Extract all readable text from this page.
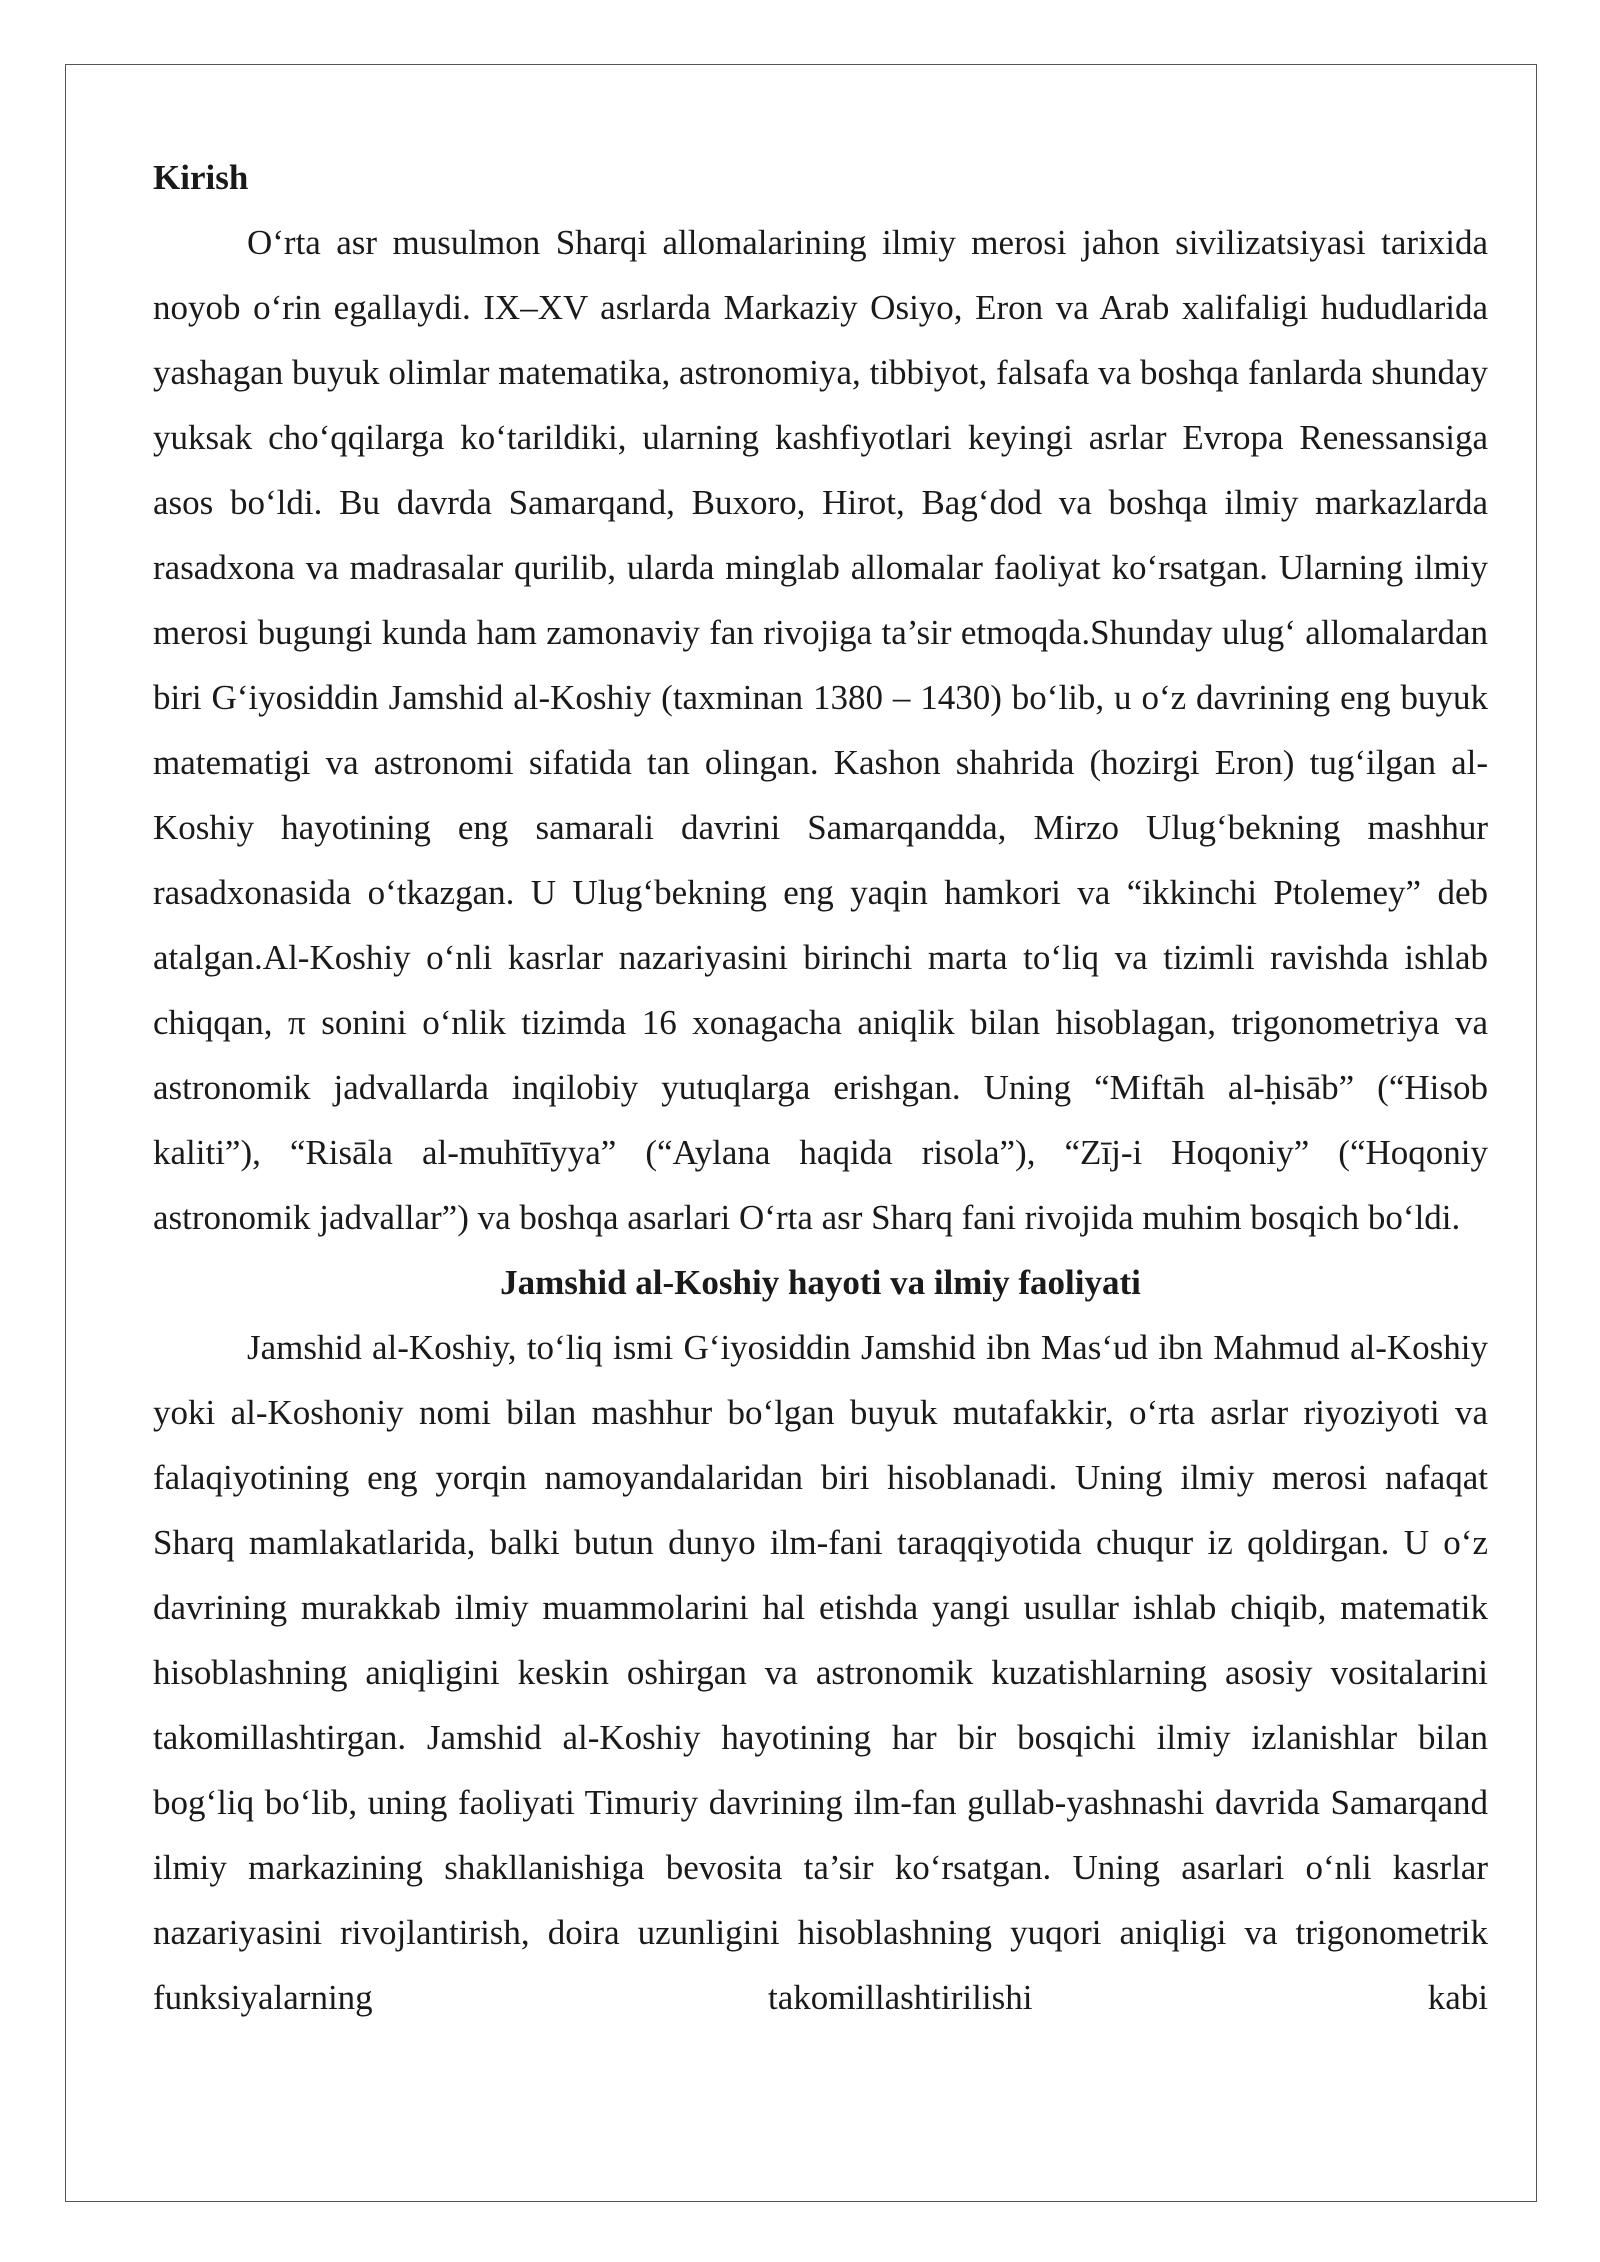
Kirish

O‘rta asr musulmon Sharqi allomalarining ilmiy merosi jahon sivilizatsiyasi tarixida noyob o‘rin egallaydi. IX–XV asrlarda Markaziy Osiyo, Eron va Arab xalifaligi hududlarida yashagan buyuk olimlar matematika, astronomiya, tibbiyot, falsafa va boshqa fanlarda shunday yuksak cho‘qqilarga ko‘tarildiki, ularning kashfiyotlari keyingi asrlar Evropa Renessansiga asos bo‘ldi. Bu davrda Samarqand, Buxoro, Hirot, Bag‘dod va boshqa ilmiy markazlarda rasadxona va madrasalar qurilib, ularda minglab allomalar faoliyat ko‘rsatgan. Ularning ilmiy merosi bugungi kunda ham zamonaviy fan rivojiga ta’sir etmoqda.Shunday ulug‘ allomalardan biri G‘iyosiddin Jamshid al-Koshiy (taxminan 1380 – 1430) bo‘lib, u o‘z davrining eng buyuk matematigi va astronomi sifatida tan olingan. Kashon shahrida (hozirgi Eron) tug‘ilgan al-Koshiy hayotining eng samarali davrini Samarqandda, Mirzo Ulug‘bekning mashhur rasadxonasida o‘tkazgan. U Ulug‘bekning eng yaqin hamkori va “ikkinchi Ptolemey” deb atalgan.Al-Koshiy o‘nli kasrlar nazariyasini birinchi marta to‘liq va tizimli ravishda ishlab chiqqan, π sonini o‘nlik tizimda 16 xonagacha aniqlik bilan hisoblagan, trigonometriya va astronomik jadvallarda inqilobiy yutuqlarga erishgan. Uning “Miftāh al-ḥisāb” (“Hisob kaliti”), “Risāla al-muhītīyya” (“Aylana haqida risola”), “Zīj-i Hoqoniy” (“Hoqoniy astronomik jadvallar”) va boshqa asarlari O‘rta asr Sharq fani rivojida muhim bosqich bo‘ldi.

Jamshid al-Koshiy hayoti va ilmiy faoliyati

Jamshid al-Koshiy, to‘liq ismi G‘iyosiddin Jamshid ibn Mas‘ud ibn Mahmud al-Koshiy yoki al-Koshoniy nomi bilan mashhur bo‘lgan buyuk mutafakkir, o‘rta asrlar riyoziyoti va falaqiyotining eng yorqin namoyandalaridan biri hisoblanadi. Uning ilmiy merosi nafaqat Sharq mamlakatlarida, balki butun dunyo ilm-fani taraqqiyotida chuqur iz qoldirgan. U o‘z davrining murakkab ilmiy muammolarini hal etishda yangi usullar ishlab chiqib, matematik hisoblashning aniqligini keskin oshirgan va astronomik kuzatishlarning asosiy vositalarini takomillashtirgan. Jamshid al-Koshiy hayotining har bir bosqichi ilmiy izlanishlar bilan bog‘liq bo‘lib, uning faoliyati Timuriy davrining ilm-fan gullab-yashnashi davrida Samarqand ilmiy markazining shakllanishiga bevosita ta’sir ko‘rsatgan. Uning asarlari o‘nli kasrlar nazariyasini rivojlantirish, doira uzunligini hisoblashning yuqori aniqligi va trigonometrik funksiyalarning takomillashtirilishi kabi
